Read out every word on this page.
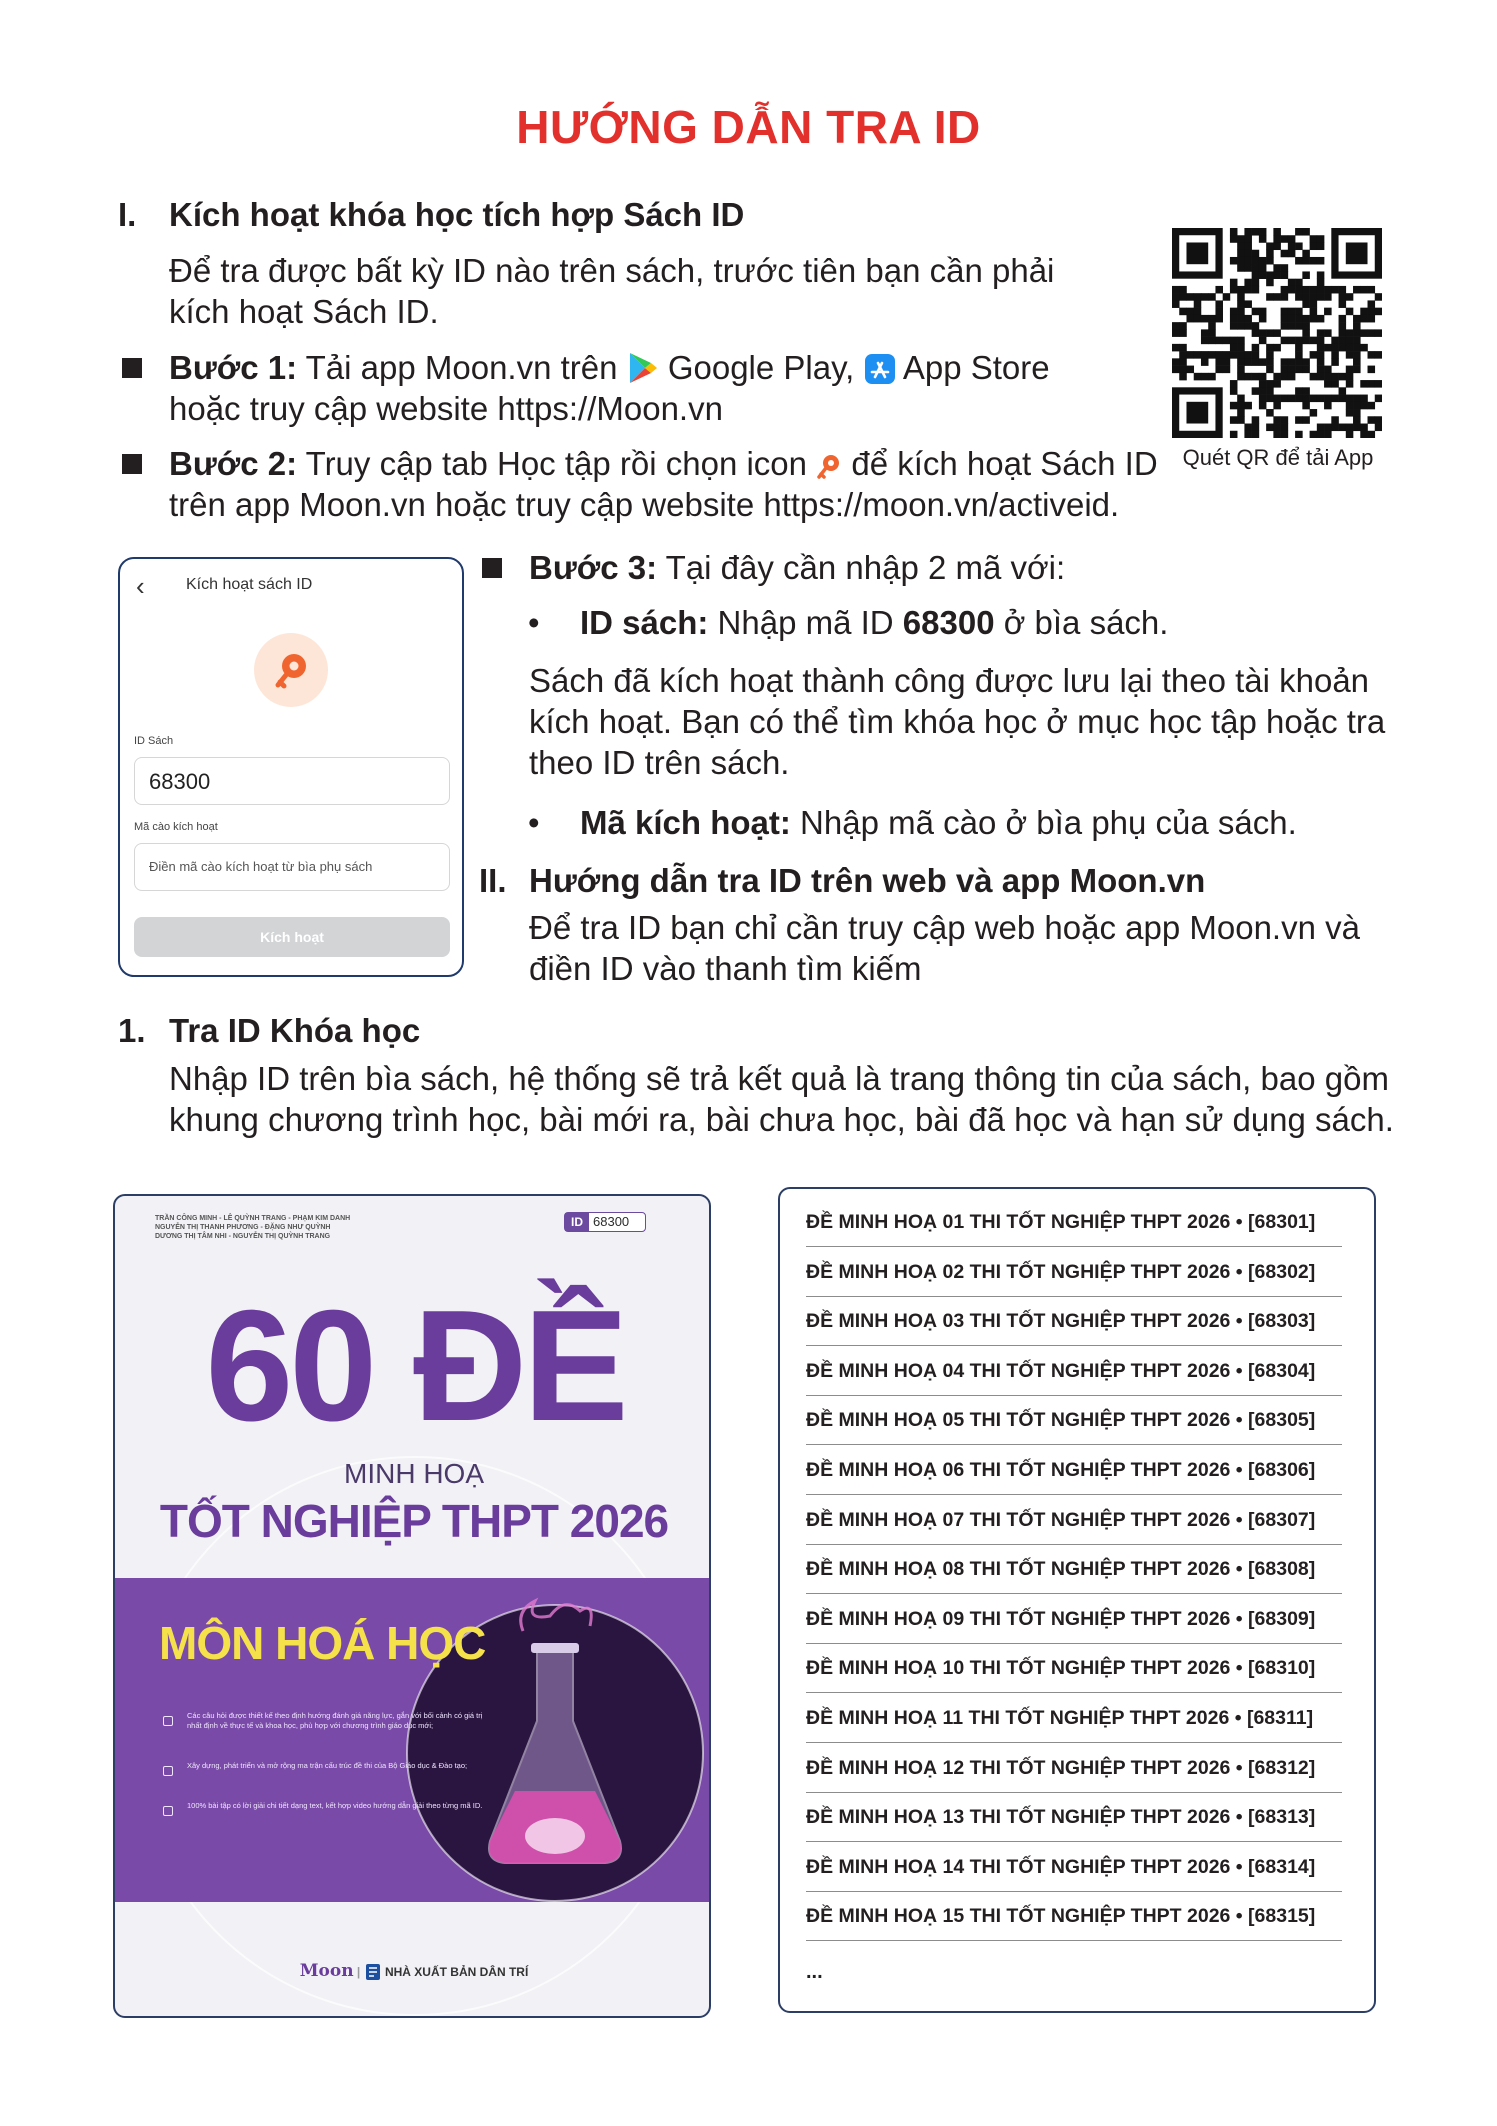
HƯỚNG DẪN TRA ID
I. Kích hoạt khóa học tích hợp Sách ID
Để tra được bất kỳ ID nào trên sách, trước tiên bạn cần phải
kích hoạt Sách ID.
Bước 1: Tải app Moon.vn trên  Google Play,  App Store
hoặc truy cập website https://Moon.vn
Bước 2: Truy cập tab Học tập rồi chọn icon  để kích hoạt Sách ID
trên app Moon.vn hoặc truy cập website https://moon.vn/activeid.
Quét QR để tải App
‹	Kích hoạt sách ID
ID Sách
68300
Mã cào kích hoạt
Điền mã cào kích hoạt từ bìa phụ sách
Kích hoạt
Bước 3: Tại đây cần nhập 2 mã với:
• ID sách: Nhập mã ID 68300 ở bìa sách.
Sách đã kích hoạt thành công được lưu lại theo tài khoản
kích hoạt. Bạn có thể tìm khóa học ở mục học tập hoặc tra
theo ID trên sách.
• Mã kích hoạt: Nhập mã cào ở bìa phụ của sách.
II. Hướng dẫn tra ID trên web và app Moon.vn
Để tra ID bạn chỉ cần truy cập web hoặc app Moon.vn và
điền ID vào thanh tìm kiếm
1. Tra ID Khóa học
Nhập ID trên bìa sách, hệ thống sẽ trả kết quả là trang thông tin của sách, bao gồm
khung chương trình học, bài mới ra, bài chưa học, bài đã học và hạn sử dụng sách.
TRẦN CÔNG MINH - LÊ QUỲNH TRANG - PHẠM KIM DANH
NGUYỄN THỊ THANH PHƯƠNG - ĐẶNG NHƯ QUỲNH
DƯƠNG THỊ TÂM NHI - NGUYỄN THỊ QUỲNH TRANG
ID 68300
60 ĐỀ
MINH HOẠ
TỐT NGHIỆP THPT 2026
MÔN HOÁ HỌC
Các câu hỏi được thiết kế theo định hướng đánh giá năng lực, gắn với bối cảnh có giá trị nhất định về thực tế và khoa học, phù hợp với chương trình giáo dục mới;
Xây dựng, phát triển và mở rộng ma trận cấu trúc đề thi của Bộ Giáo dục & Đào tạo;
100% bài tập có lời giải chi tiết dạng text, kết hợp video hướng dẫn giải theo từng mã ID.
Moon |  NHÀ XUẤT BẢN DÂN TRÍ
ĐỀ MINH HOẠ 01 THI TỐT NGHIỆP THPT 2026 • [68301]
ĐỀ MINH HOẠ 02 THI TỐT NGHIỆP THPT 2026 • [68302]
ĐỀ MINH HOẠ 03 THI TỐT NGHIỆP THPT 2026 • [68303]
ĐỀ MINH HOẠ 04 THI TỐT NGHIỆP THPT 2026 • [68304]
ĐỀ MINH HOẠ 05 THI TỐT NGHIỆP THPT 2026 • [68305]
ĐỀ MINH HOẠ 06 THI TỐT NGHIỆP THPT 2026 • [68306]
ĐỀ MINH HOẠ 07 THI TỐT NGHIỆP THPT 2026 • [68307]
ĐỀ MINH HOẠ 08 THI TỐT NGHIỆP THPT 2026 • [68308]
ĐỀ MINH HOẠ 09 THI TỐT NGHIỆP THPT 2026 • [68309]
ĐỀ MINH HOẠ 10 THI TỐT NGHIỆP THPT 2026 • [68310]
ĐỀ MINH HOẠ 11 THI TỐT NGHIỆP THPT 2026 • [68311]
ĐỀ MINH HOẠ 12 THI TỐT NGHIỆP THPT 2026 • [68312]
ĐỀ MINH HOẠ 13 THI TỐT NGHIỆP THPT 2026 • [68313]
ĐỀ MINH HOẠ 14 THI TỐT NGHIỆP THPT 2026 • [68314]
ĐỀ MINH HOẠ 15 THI TỐT NGHIỆP THPT 2026 • [68315]
...
